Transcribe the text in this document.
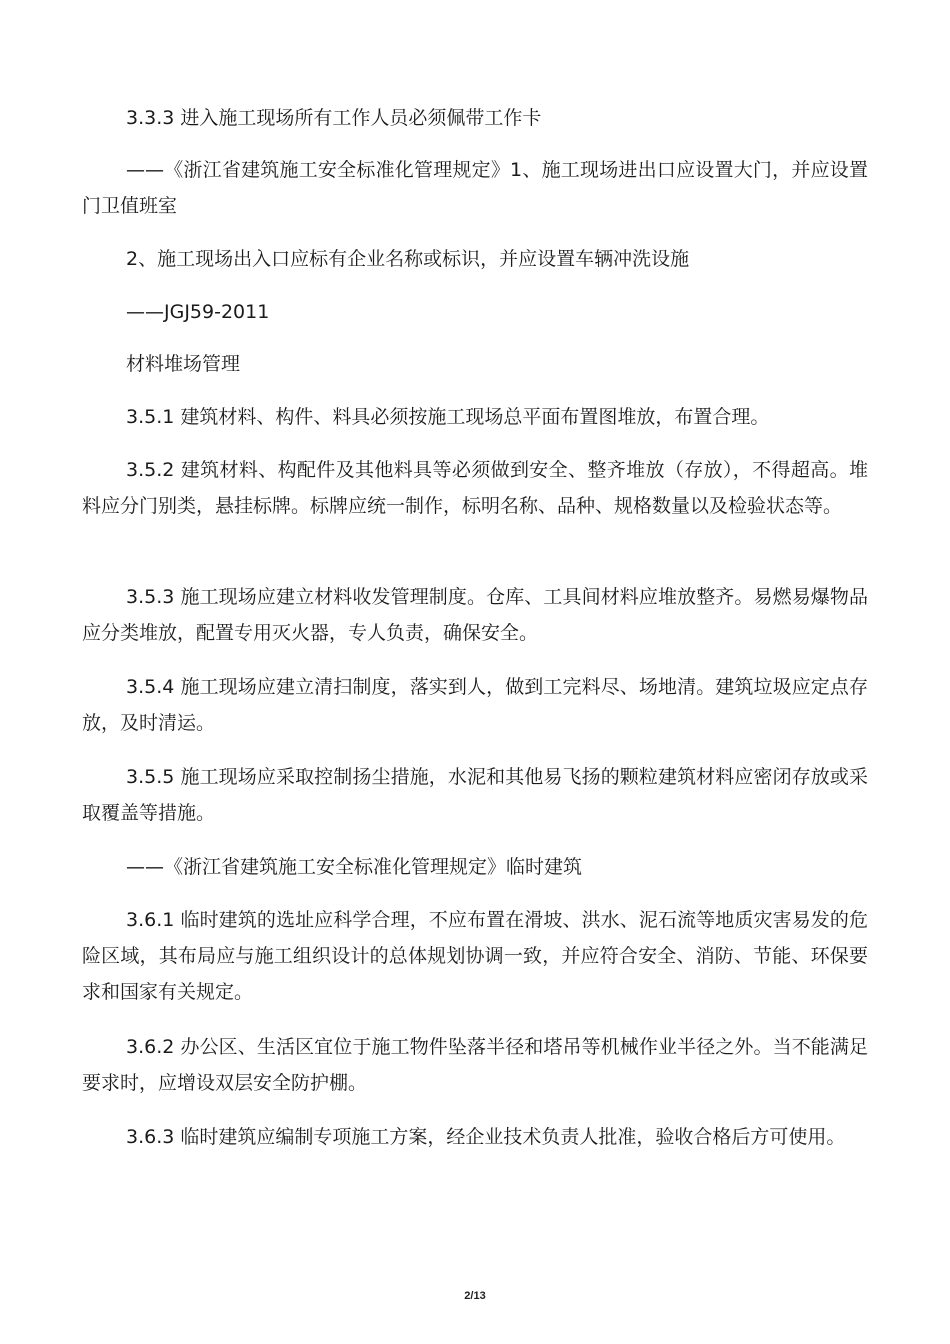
3.3.3 进入施工现场所有工作人员必须佩带工作卡

——《浙江省建筑施工安全标准化管理规定》1、施工现场进出口应设置大门，并应设置门卫值班室

2、施工现场出入口应标有企业名称或标识，并应设置车辆冲洗设施

——JGJ59-2011

材料堆场管理

3.5.1 建筑材料、构件、料具必须按施工现场总平面布置图堆放，布置合理。

3.5.2 建筑材料、构配件及其他料具等必须做到安全、整齐堆放（存放），不得超高。堆料应分门别类，悬挂标牌。标牌应统一制作，标明名称、品种、规格数量以及检验状态等。

3.5.3 施工现场应建立材料收发管理制度。仓库、工具间材料应堆放整齐。易燃易爆物品应分类堆放，配置专用灭火器，专人负责，确保安全。

3.5.4 施工现场应建立清扫制度，落实到人，做到工完料尽、场地清。建筑垃圾应定点存放，及时清运。

3.5.5 施工现场应采取控制扬尘措施，水泥和其他易飞扬的颗粒建筑材料应密闭存放或采取覆盖等措施。

——《浙江省建筑施工安全标准化管理规定》临时建筑

3.6.1 临时建筑的选址应科学合理，不应布置在滑坡、洪水、泥石流等地质灾害易发的危险区域，其布局应与施工组织设计的总体规划协调一致，并应符合安全、消防、节能、环保要求和国家有关规定。

3.6.2 办公区、生活区宜位于施工物件坠落半径和塔吊等机械作业半径之外。当不能满足要求时，应增设双层安全防护棚。

3.6.3 临时建筑应编制专项施工方案，经企业技术负责人批准，验收合格后方可使用。

2/13
